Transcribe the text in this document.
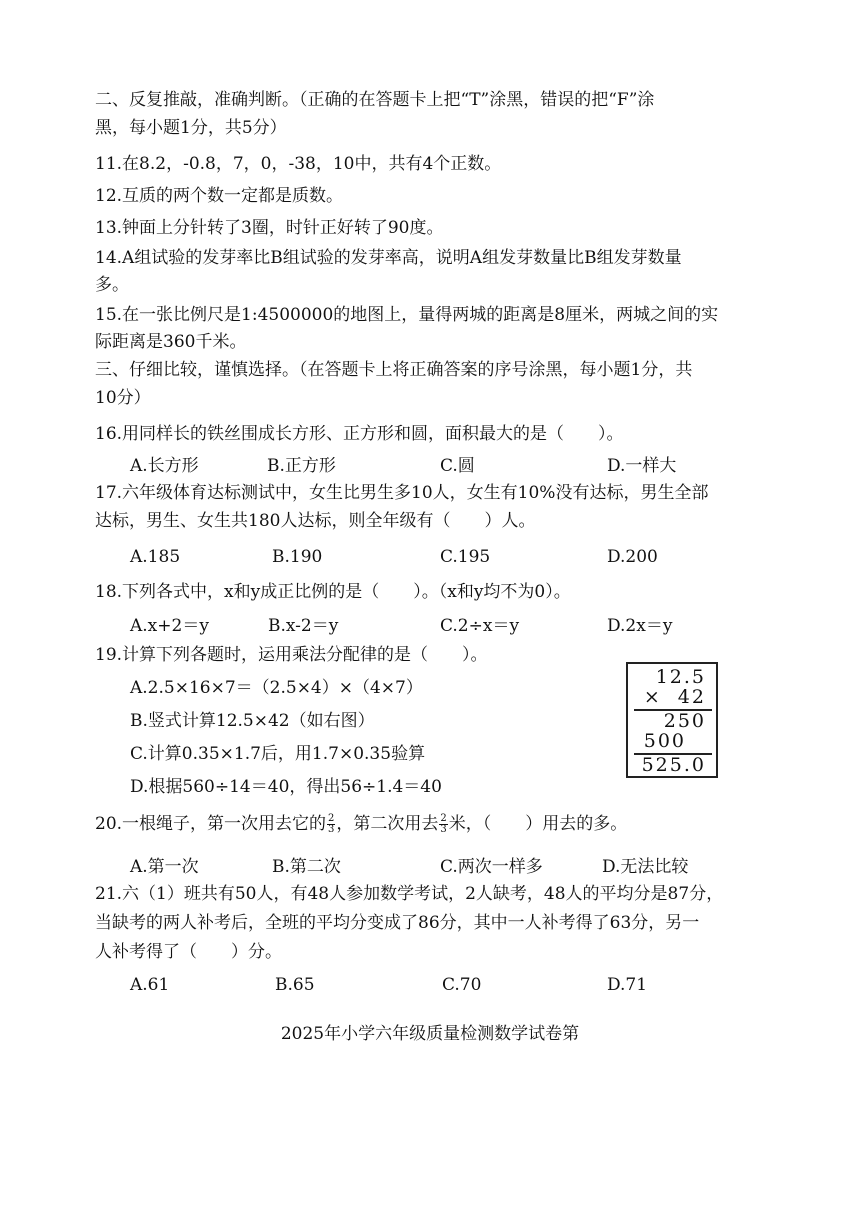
二、反复推敲，准确判断。（正确的在答题卡上把“T”涂黑，错误的把“F”涂
黑，每小题1分，共5分）
11.在8.2，-0.8，7，0，-38，10中，共有4个正数。
12.互质的两个数一定都是质数。
13.钟面上分针转了3圈，时针正好转了90度。
14.A组试验的发芽率比B组试验的发芽率高，说明A组发芽数量比B组发芽数量
多。
15.在一张比例尺是1:4500000的地图上，量得两城的距离是8厘米，两城之间的实
际距离是360千米。
三、仔细比较，谨慎选择。（在答题卡上将正确答案的序号涂黑，每小题1分，共
10分）
16.用同样长的铁丝围成长方形、正方形和圆，面积最大的是（　　）。
A.长方形	B.正方形	C.圆	D.一样大
17.六年级体育达标测试中，女生比男生多10人，女生有10%没有达标，男生全部
达标，男生、女生共180人达标，则全年级有（　　）人。
A.185	B.190	C.195	D.200
18.下列各式中，x和y成正比例的是（　　）。（x和y均不为0）。
A.x+2＝y	B.x-2＝y	C.2÷x＝y	D.2x＝y
19.计算下列各题时，运用乘法分配律的是（　　）。
A.2.5×16×7＝（2.5×4）×（4×7）
B.竖式计算12.5×42（如右图）
C.计算0.35×1.7后，用1.7×0.35验算
D.根据560÷14＝40，得出56÷1.4＝40
12.5
×  42
250
500
525.0
20.一根绳子，第一次用去它的 $\frac{2}{3}$ ，第二次用去 $\frac{2}{3}$ 米，（　　）用去的多。
A.第一次	B.第二次	C.两次一样多	D.无法比较
21.六（1）班共有50人，有48人参加数学考试，2人缺考，48人的平均分是87分，
当缺考的两人补考后，全班的平均分变成了86分，其中一人补考得了63分，另一
人补考得了（　　）分。
A.61	B.65	C.70	D.71
2025年小学六年级质量检测数学试卷第
